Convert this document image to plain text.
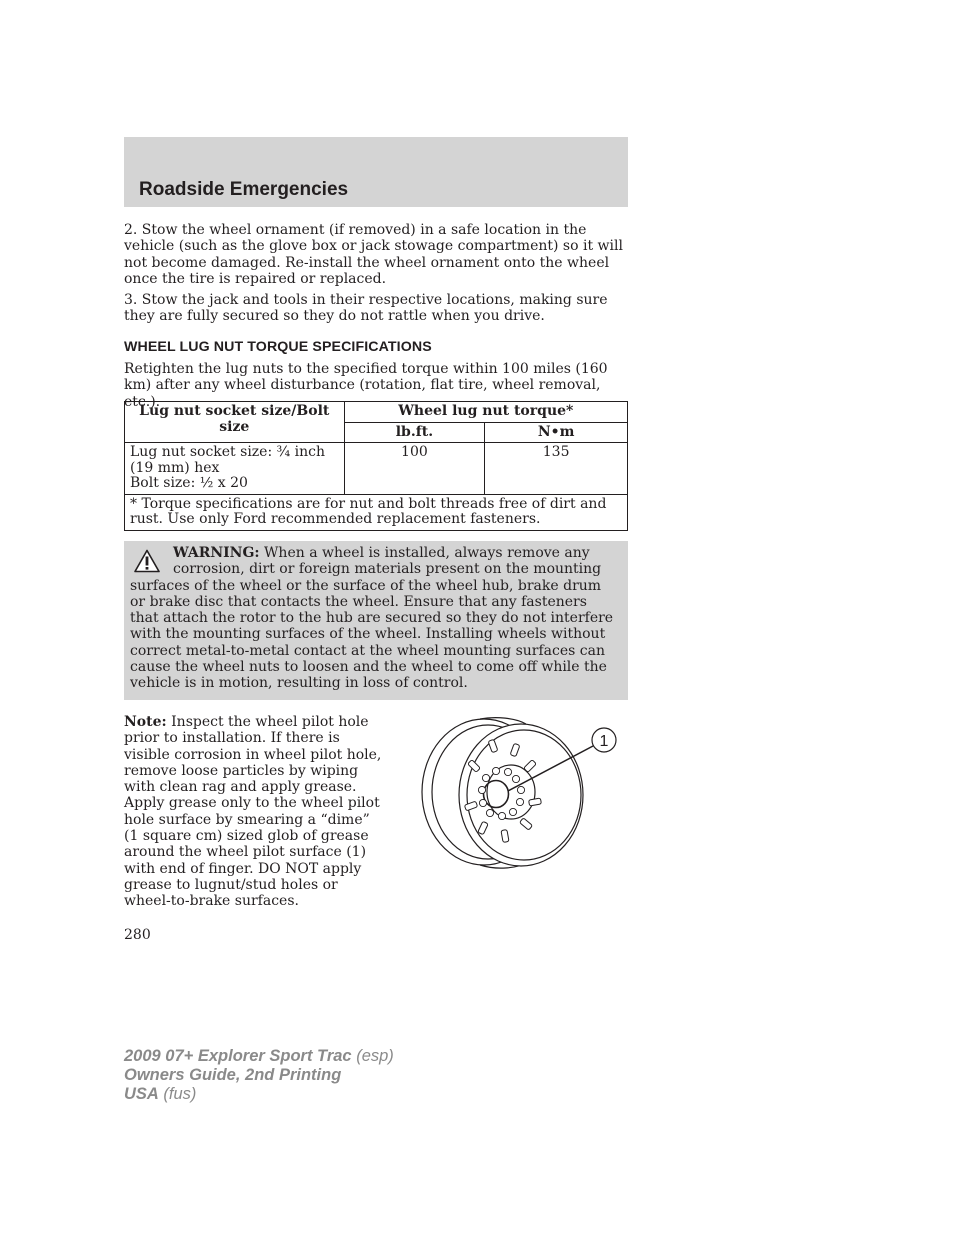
Roadside Emergencies

2. Stow the wheel ornament (if removed) in a safe location in the vehicle (such as the glove box or jack stowage compartment) so it will not become damaged. Re-install the wheel ornament onto the wheel once the tire is repaired or replaced.

3. Stow the jack and tools in their respective locations, making sure they are fully secured so they do not rattle when you drive.

WHEEL LUG NUT TORQUE SPECIFICATIONS

Retighten the lug nuts to the specified torque within 100 miles (160 km) after any wheel disturbance (rotation, flat tire, wheel removal, etc.).

Lug nut socket size/Bolt size	Wheel lug nut torque*	
	lb.ft.	N•m

Lug nut socket size: ¾ inch
(19 mm) hex
Bolt size: ½ x 20	100	135
* Torque specifications are for nut and bolt threads free of dirt and rust. Use only Ford recommended replacement fasteners.		

WARNING: When a wheel is installed, always remove any
corrosion, dirt or foreign materials present on the mounting surfaces of the wheel or the surface of the wheel hub, brake drum or brake disc that contacts the wheel. Ensure that any fasteners that attach the rotor to the hub are secured so they do not interfere with the mounting surfaces of the wheel. Installing wheels without correct metal-to-metal contact at the wheel mounting surfaces can cause the wheel nuts to loosen and the wheel to come off while the vehicle is in motion, resulting in loss of control.

Note: Inspect the wheel pilot hole prior to installation. If there is visible corrosion in wheel pilot hole, remove loose particles by wiping with clean rag and apply grease. Apply grease only to the wheel pilot hole surface by smearing a “dime” (1 square cm) sized glob of grease around the wheel pilot surface (1) with end of finger. DO NOT apply grease to lugnut/stud holes or wheel-to-brake surfaces.

1

280

2009 07+ Explorer Sport Trac (esp)
Owners Guide, 2nd Printing
USA (fus)
